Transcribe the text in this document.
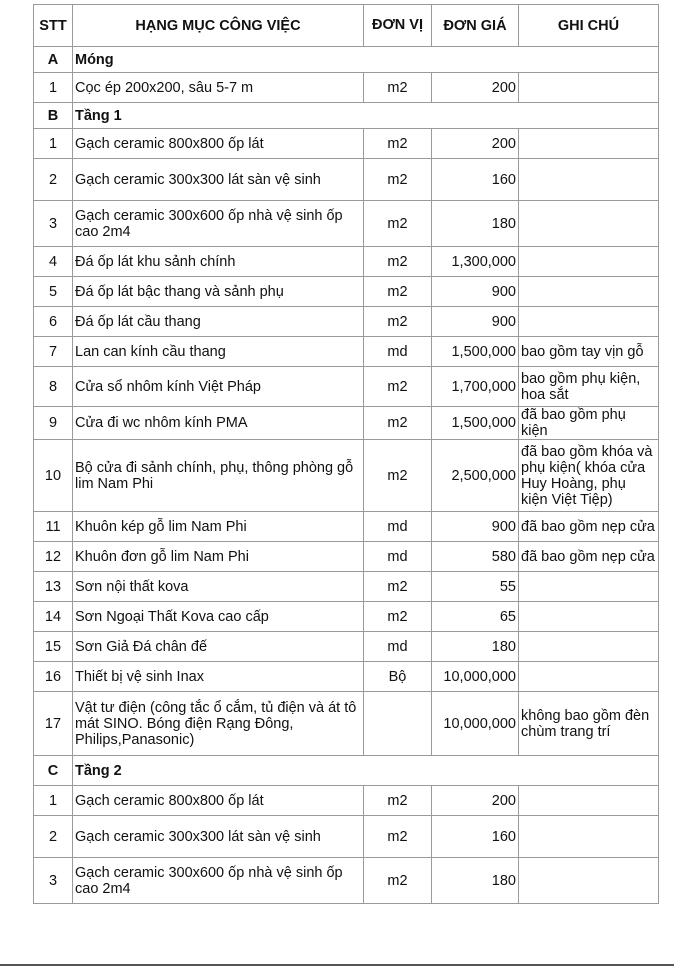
STT	HẠNG MỤC CÔNG VIỆC	ĐƠN VỊ	ĐƠN GIÁ	GHI CHÚ
A	Móng			
1	Cọc ép 200x200, sâu 5-7 m	m2	200	
B	Tầng 1			
1	Gạch ceramic 800x800 ốp lát	m2	200	
2	Gạch ceramic 300x300 lát sàn vệ sinh	m2	160	
3	Gạch ceramic 300x600 ốp nhà vệ sinh ốp cao 2m4	m2	180	
4	Đá ốp lát khu sảnh chính	m2	1,300,000	
5	Đá ốp lát bậc thang và sảnh phụ	m2	900	
6	Đá ốp lát cầu thang	m2	900	
7	Lan can kính cầu thang	md	1,500,000	bao gồm tay vịn gỗ
8	Cửa sổ nhôm kính Việt Pháp	m2	1,700,000	bao gồm phụ kiện, hoa sắt
9	Cửa đi wc nhôm kính PMA	m2	1,500,000	đã bao gồm phụ kiện
10	Bộ cửa đi sảnh chính, phụ, thông phòng gỗ lim Nam Phi	m2	2,500,000	đã bao gồm khóa và phụ kiện( khóa cửa Huy Hoàng, phụ kiện Việt Tiệp)
11	Khuôn kép gỗ lim Nam Phi	md	900	đã bao gồm nẹp cửa
12	Khuôn đơn gỗ lim Nam Phi	md	580	đã bao gồm nẹp cửa
13	Sơn nội thất kova	m2	55	
14	Sơn Ngoại Thất Kova cao cấp	m2	65	
15	Sơn Giả Đá chân đế	md	180	
16	Thiết bị vệ sinh Inax	Bộ	10,000,000	
17	Vật tư điện (công tắc ổ cắm, tủ điện và át tô mát SINO. Bóng điện Rạng Đông, Philips,Panasonic)		10,000,000	không bao gồm đèn chùm trang trí
C	Tầng 2			
1	Gạch ceramic 800x800 ốp lát	m2	200	
2	Gạch ceramic 300x300 lát sàn vệ sinh	m2	160	
3	Gạch ceramic 300x600 ốp nhà vệ sinh ốp cao 2m4	m2	180	
